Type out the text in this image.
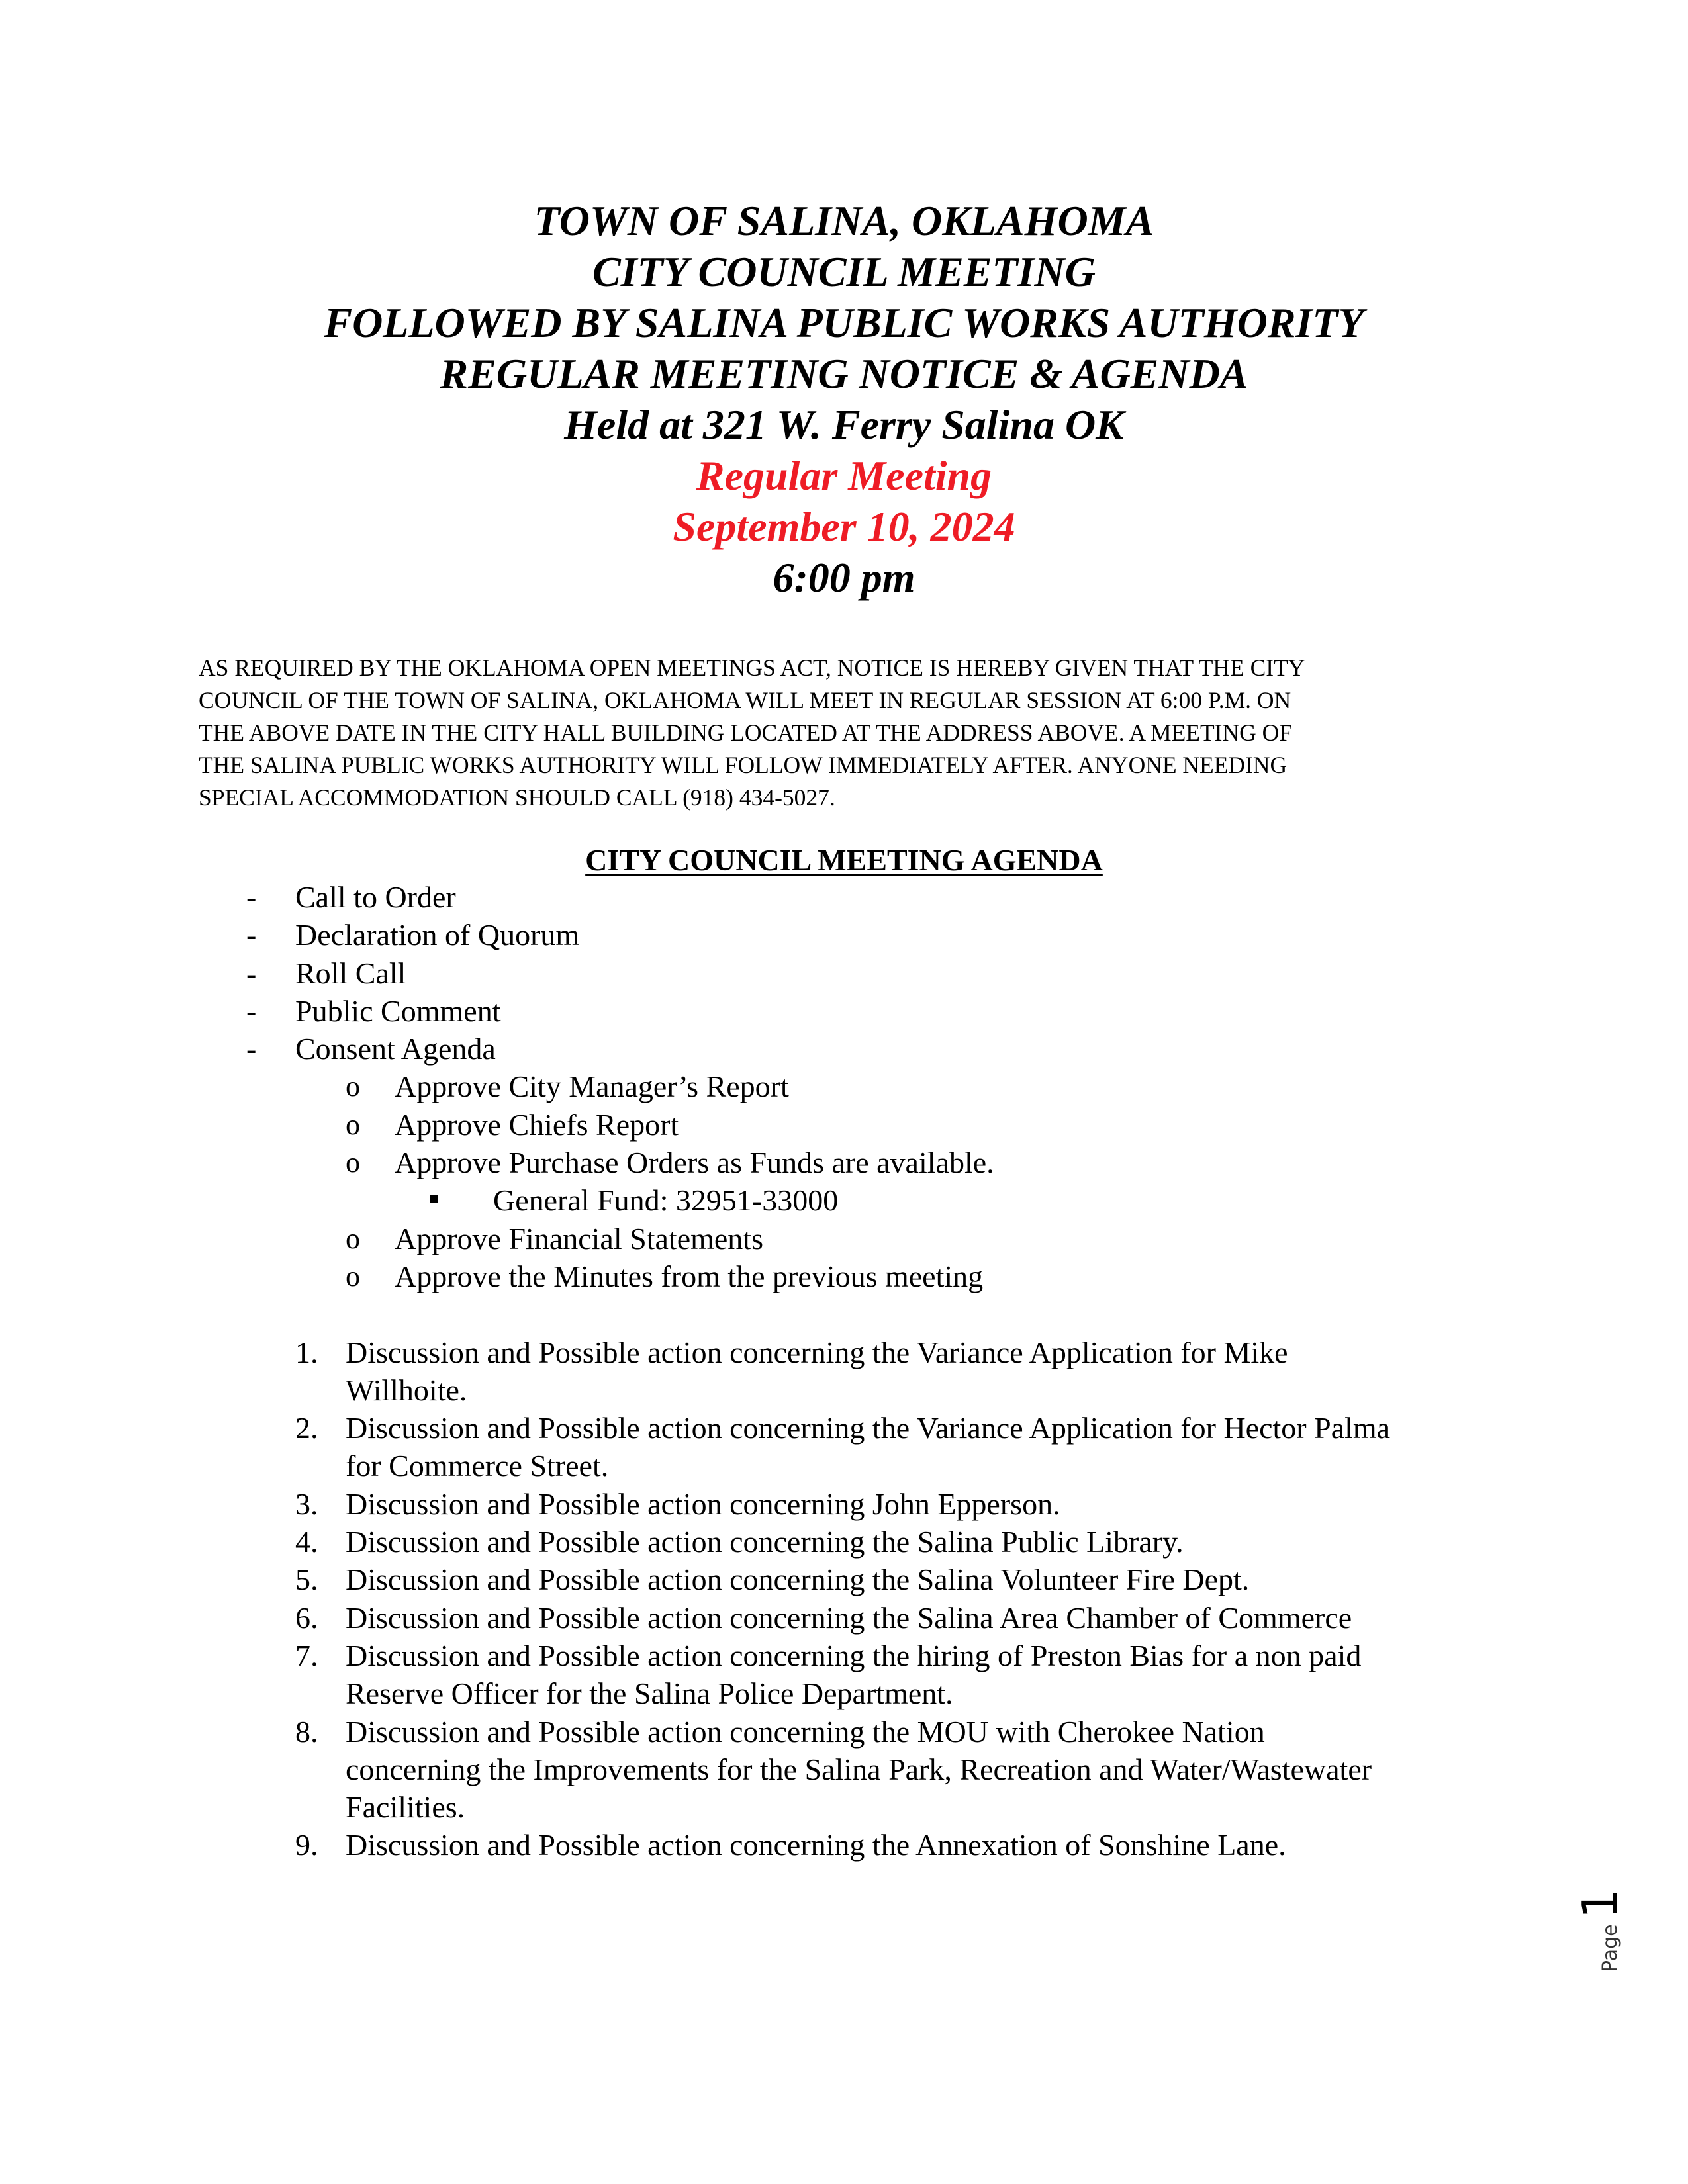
TOWN OF SALINA, OKLAHOMA
CITY COUNCIL MEETING
FOLLOWED BY SALINA PUBLIC WORKS AUTHORITY
REGULAR MEETING NOTICE & AGENDA
Held at 321 W. Ferry Salina OK
Regular Meeting
September 10, 2024
6:00 pm
AS REQUIRED BY THE OKLAHOMA OPEN MEETINGS ACT, NOTICE IS HEREBY GIVEN THAT THE CITY
COUNCIL OF THE TOWN OF SALINA, OKLAHOMA WILL MEET IN REGULAR SESSION AT 6:00 P.M. ON
THE ABOVE DATE IN THE CITY HALL BUILDING LOCATED AT THE ADDRESS ABOVE. A MEETING OF
THE SALINA PUBLIC WORKS AUTHORITY WILL FOLLOW IMMEDIATELY AFTER. ANYONE NEEDING
SPECIAL ACCOMMODATION SHOULD CALL (918) 434-5027.
CITY COUNCIL MEETING AGENDA
- Call to Order
- Declaration of Quorum
- Roll Call
- Public Comment
- Consent Agenda
o Approve City Manager’s Report
o Approve Chiefs Report
o Approve Purchase Orders as Funds are available.
General Fund: 32951-33000
o Approve Financial Statements
o Approve the Minutes from the previous meeting
1. Discussion and Possible action concerning the Variance Application for Mike
Willhoite.
2. Discussion and Possible action concerning the Variance Application for Hector Palma
for Commerce Street.
3. Discussion and Possible action concerning John Epperson.
4. Discussion and Possible action concerning the Salina Public Library.
5. Discussion and Possible action concerning the Salina Volunteer Fire Dept.
6. Discussion and Possible action concerning the Salina Area Chamber of Commerce
7. Discussion and Possible action concerning the hiring of Preston Bias for a non paid
Reserve Officer for the Salina Police Department.
8. Discussion and Possible action concerning the MOU with Cherokee Nation
concerning the Improvements for the Salina Park, Recreation and Water/Wastewater
Facilities.
9. Discussion and Possible action concerning the Annexation of Sonshine Lane.
Page1
